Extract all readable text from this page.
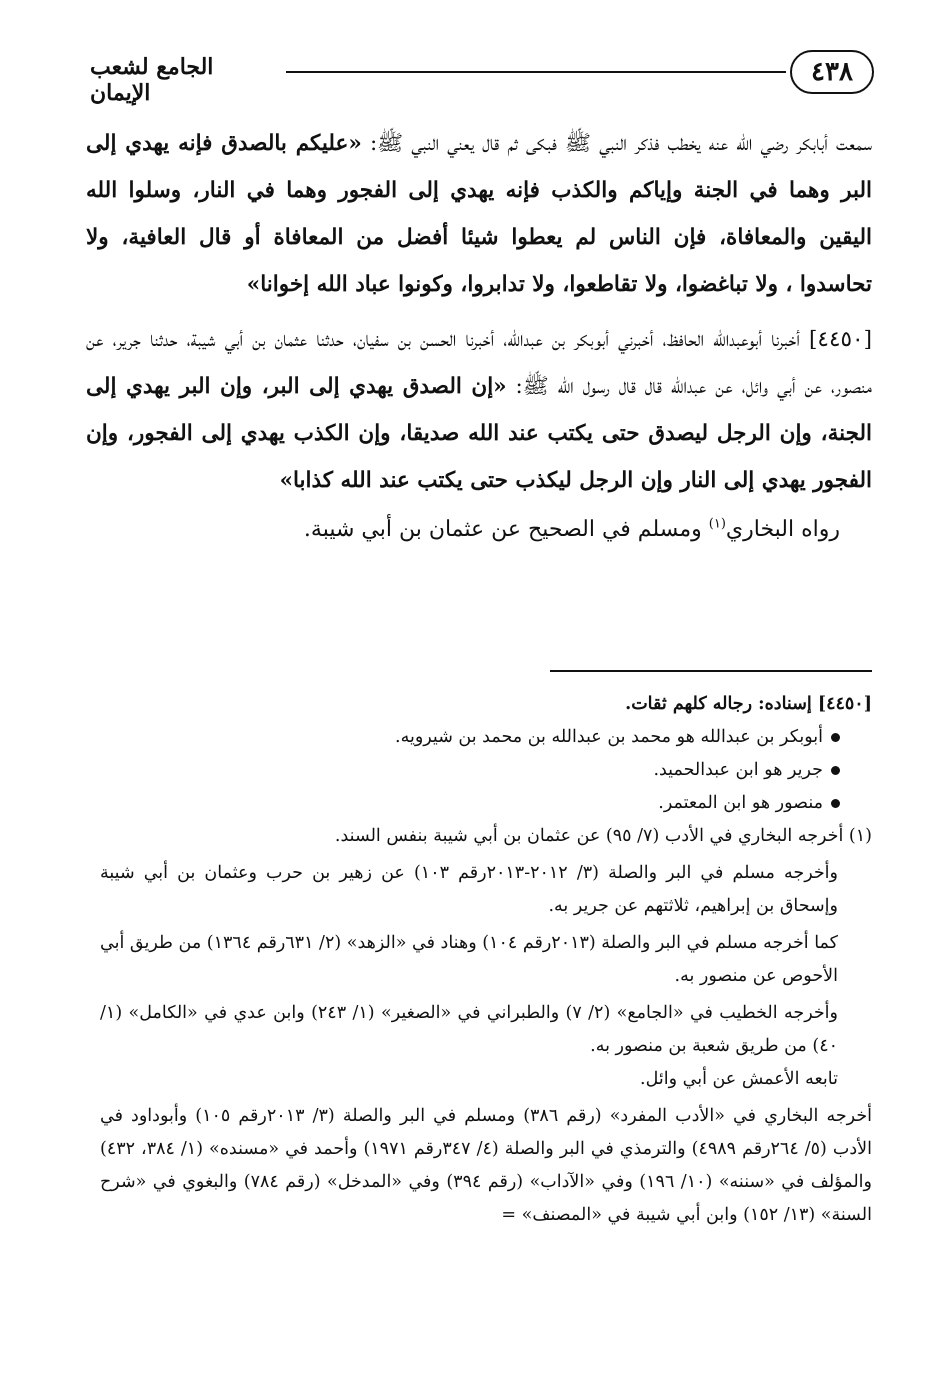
٤٣٨
الجامع لشعب الإيمان

سمعت أبابكر رضي الله عنه يخطب فذكر النبي ﷺ فبكى ثم قال يعني النبي ﷺ: «عليكم بالصدق فإنه يهدي إلى البر وهما في الجنة وإياكم والكذب فإنه يهدي إلى الفجور وهما في النار، وسلوا الله اليقين والمعافاة، فإن الناس لم يعطوا شيئا أفضل من المعافاة أو قال العافية، ولا تحاسدوا ، ولا تباغضوا، ولا تقاطعوا، ولا تدابروا، وكونوا عباد الله إخوانا»

[٤٤٥٠] أخبرنا أبوعبدالله الحافظ، أخبرني أبوبكر بن عبدالله، أخبرنا الحسن بن سفيان، حدثنا عثمان بن أبي شيبة، حدثنا جرير، عن منصور، عن أبي وائل، عن عبدالله قال قال رسول الله ﷺ: «إن الصدق يهدي إلى البر، وإن البر يهدي إلى الجنة، وإن الرجل ليصدق حتى يكتب عند الله صديقا، وإن الكذب يهدي إلى الفجور، وإن الفجور يهدي إلى النار وإن الرجل ليكذب حتى يكتب عند الله كذابا»

رواه البخاري$^{(١)}$ ومسلم في الصحيح عن عثمان بن أبي شيبة.

[٤٤٥٠] إسناده: رجاله كلهم ثقات.

أبوبكر بن عبدالله هو محمد بن عبدالله بن محمد بن شيرويه.

جرير هو ابن عبدالحميد.

منصور هو ابن المعتمر.

(١) أخرجه البخاري في الأدب (٧/ ٩٥) عن عثمان بن أبي شيبة بنفس السند.

وأخرجه مسلم في البر والصلة (٣/ ٢٠١٢-٢٠١٣رقم ١٠٣) عن زهير بن حرب وعثمان بن أبي شيبة وإسحاق بن إبراهيم، ثلاثتهم عن جرير به.

كما أخرجه مسلم في البر والصلة (٢٠١٣رقم ١٠٤) وهناد في «الزهد» (٢/ ٦٣١رقم ١٣٦٤) من طريق أبي الأحوص عن منصور به.

وأخرجه الخطيب في «الجامع» (٢/ ٧) والطبراني في «الصغير» (١/ ٢٤٣) وابن عدي في «الكامل» (١/ ٤٠) من طريق شعبة بن منصور به.

تابعه الأعمش عن أبي وائل.

أخرجه البخاري في «الأدب المفرد» (رقم ٣٨٦) ومسلم في البر والصلة (٣/ ٢٠١٣رقم ١٠٥) وأبوداود في الأدب (٥/ ٢٦٤رقم ٤٩٨٩) والترمذي في البر والصلة (٤/ ٣٤٧رقم ١٩٧١) وأحمد في «مسنده» (١/ ٣٨٤، ٤٣٢) والمؤلف في «سننه» (١٠/ ١٩٦) وفي «الآداب» (رقم ٣٩٤) وفي «المدخل» (رقم ٧٨٤) والبغوي في «شرح السنة» (١٣/ ١٥٢) وابن أبي شيبة في «المصنف» =
